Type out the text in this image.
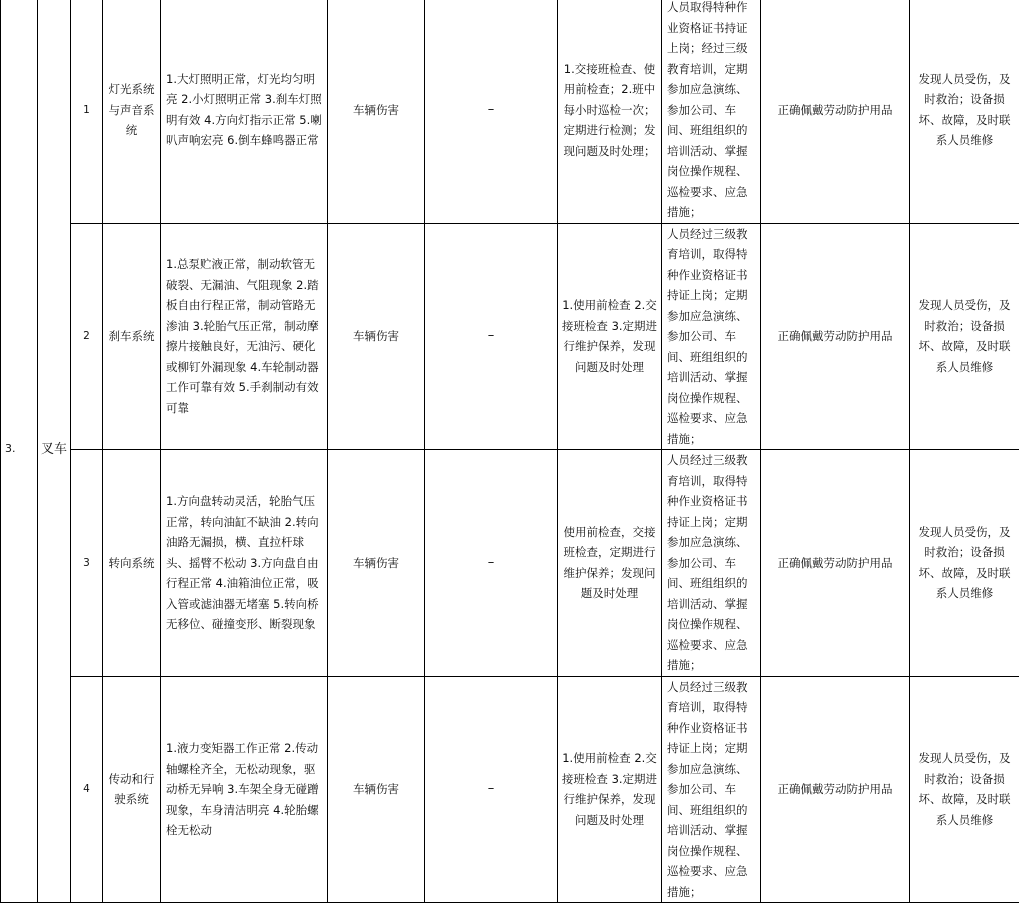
3.	叉车	1	灯光系统与声音系统	1.大灯照明正常，灯光均匀明亮 2.小灯照明正常 3.刹车灯照明有效 4.方向灯指示正常 5.喇叭声响宏亮 6.倒车蜂鸣器正常	车辆伤害	–	1.交接班检查、使用前检查；2.班中每小时巡检一次；定期进行检测；发现问题及时处理；	人员取得特种作业资格证书持证上岗；经过三级教育培训，定期参加应急演练、参加公司、车间、班组组织的培训活动、掌握岗位操作规程、巡检要求、应急措施；	正确佩戴劳动防护用品	发现人员受伤，及时救治；设备损坏、故障，及时联系人员维修
		2	刹车系统	1.总泵贮液正常，制动软管无破裂、无漏油、气阻现象 2.踏板自由行程正常，制动管路无渗油 3.轮胎气压正常，制动摩擦片接触良好，无油污、硬化或柳钉外漏现象 4.车轮制动器工作可靠有效 5.手刹制动有效可靠	车辆伤害	–	1.使用前检查 2.交接班检查 3.定期进行维护保养，发现问题及时处理	人员经过三级教育培训，取得特种作业资格证书持证上岗；定期参加应急演练、参加公司、车间、班组组织的培训活动、掌握岗位操作规程、巡检要求、应急措施；	正确佩戴劳动防护用品	发现人员受伤，及时救治；设备损坏、故障，及时联系人员维修
		3	转向系统	1.方向盘转动灵活，轮胎气压正常，转向油缸不缺油 2.转向油路无漏损，横、直拉杆球头、摇臂不松动 3.方向盘自由行程正常 4.油箱油位正常，吸入管或滤油器无堵塞 5.转向桥无移位、碰撞变形、断裂现象	车辆伤害	–	使用前检查，交接班检查，定期进行维护保养；发现问题及时处理	人员经过三级教育培训，取得特种作业资格证书持证上岗；定期参加应急演练、参加公司、车间、班组组织的培训活动、掌握岗位操作规程、巡检要求、应急措施；	正确佩戴劳动防护用品	发现人员受伤，及时救治；设备损坏、故障，及时联系人员维修
		4	传动和行驶系统	1.液力变矩器工作正常 2.传动轴螺栓齐全，无松动现象，驱动桥无异响 3.车架全身无碰蹭现象，车身清洁明亮 4.轮胎螺栓无松动	车辆伤害	–	1.使用前检查 2.交接班检查 3.定期进行维护保养，发现问题及时处理	人员经过三级教育培训，取得特种作业资格证书持证上岗；定期参加应急演练、参加公司、车间、班组组织的培训活动、掌握岗位操作规程、巡检要求、应急措施；	正确佩戴劳动防护用品	发现人员受伤，及时救治；设备损坏、故障，及时联系人员维修
